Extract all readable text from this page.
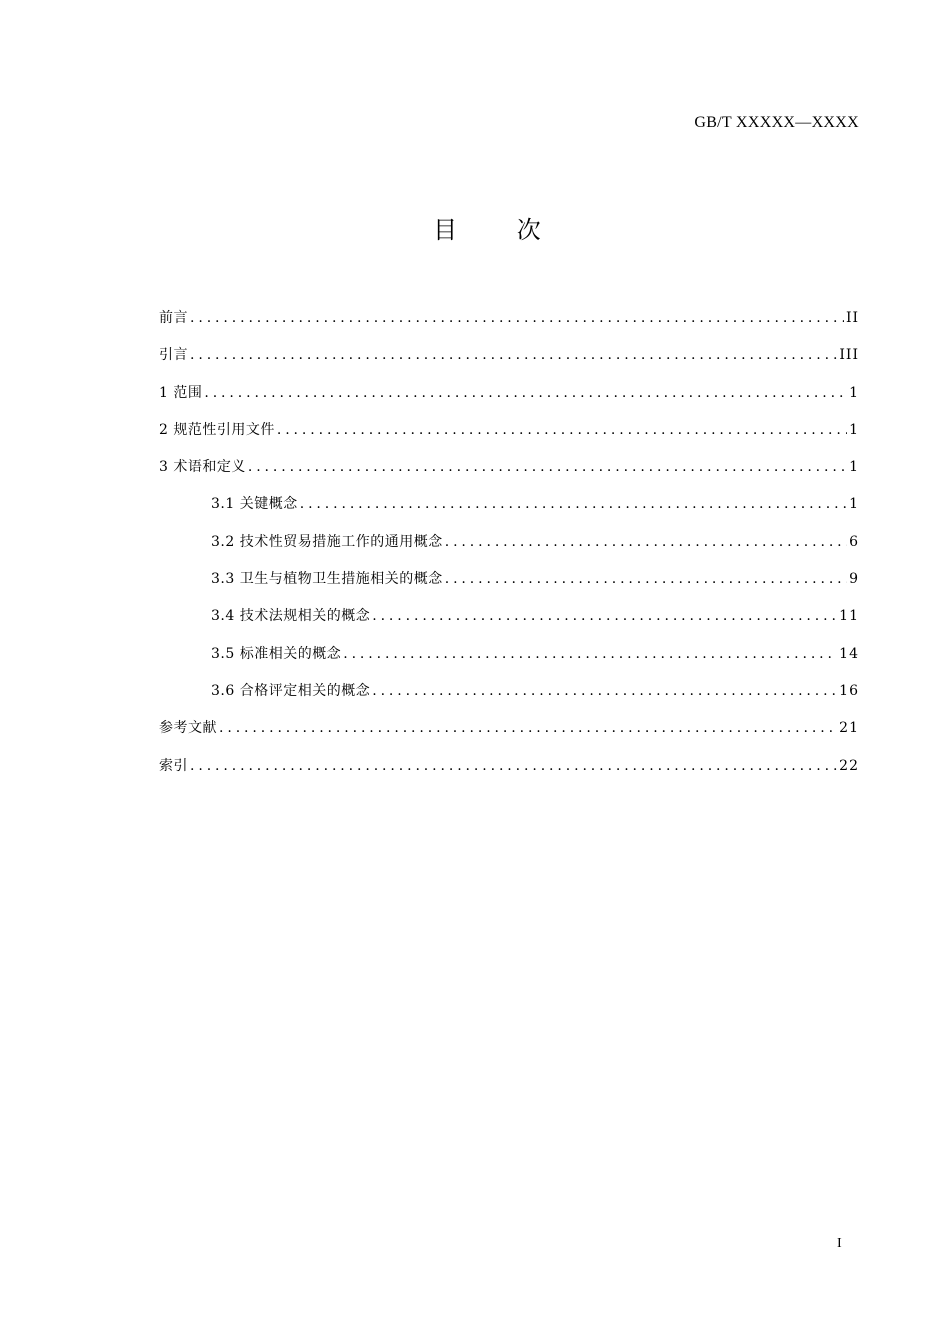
GB/T XXXXX—XXXX
目 次
前言 .....	II
引言 .....	III
1 范围 .....	1
2 规范性引用文件 .....	1
3 术语和定义 .....	1
3.1 关键概念 .....	1
3.2 技术性贸易措施工作的通用概念 .....	6
3.3 卫生与植物卫生措施相关的概念 .....	9
3.4 技术法规相关的概念 .....	11
3.5 标准相关的概念 .....	14
3.6 合格评定相关的概念 .....	16
参考文献 .....	21
索引 .....	22
I
